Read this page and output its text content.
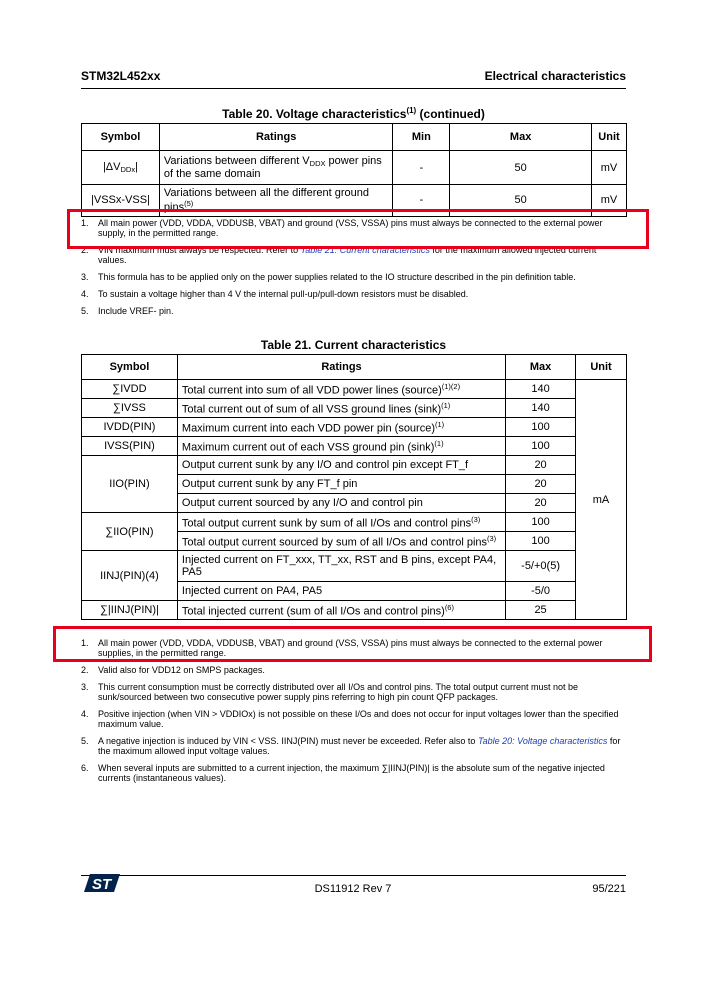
STM32L452xx	Electrical characteristics
Table 20. Voltage characteristics$^{(1)}$ (continued)
Symbol	Ratings	Min	Max	Unit
$|\Delta V_{DDx}|$	Variations between different $V_{DDX}$ power pins of the same domain	-	50	mV
|VSSx-VSS|	Variations between all the different ground pins$^{(5)}$	-	50	mV
1.	All main power (VDD, VDDA, VDDUSB, VBAT) and ground (VSS, VSSA) pins must always be connected to the external power supply, in the permitted range.
2.	VIN maximum must always be respected. Refer to Table 21: Current characteristics for the maximum allowed injected current values.
3.	This formula has to be applied only on the power supplies related to the IO structure described in the pin definition table.
4.	To sustain a voltage higher than 4 V the internal pull-up/pull-down resistors must be disabled.
5.	Include VREF- pin.
Table 21. Current characteristics
Symbol	Ratings	Max	Unit
∑IVDD	Total current into sum of all VDD power lines (source)$^{(1)(2)}$	140	mA
∑IVSS	Total current out of sum of all VSS ground lines $(\sin k)^{(1)}$	140	
IVDD(PIN)	Maximum current into each VDD power pin (source)$^{(1)}$	100	
IVSS(PIN)	Maximum current out of each VSS ground pin $(\sin k)^{(1)}$	100	
IIO(PIN)	Output current sunk by any I/O and control pin except FT_f	20	
	Output current sunk by any FT_f pin	20	
	Output current sourced by any I/O and control pin	20	
∑IIO(PIN)	Total output current sunk by sum of all I/Os and control pins$^{(3)}$	100	
	Total output current sourced by sum of all I/Os and control pins$^{(3)}$	100	
IINJ(PIN)(4)	Injected current on FT_xxx, TT_xx, RST and B pins, except PA4, PA5	-5/+0(5)	
	Injected current on PA4, PA5	-5/0	
∑|IINJ(PIN)|	Total injected current (sum of all I/Os and control pins)$^{(6)}$	25	
1.	All main power (VDD, VDDA, VDDUSB, VBAT) and ground (VSS, VSSA) pins must always be connected to the external power supplies, in the permitted range.
2.	Valid also for VDD12 on SMPS packages.
3.	This current consumption must be correctly distributed over all I/Os and control pins. The total output current must not be sunk/sourced between two consecutive power supply pins referring to high pin count QFP packages.
4.	Positive injection (when VIN > VDDIOx) is not possible on these I/Os and does not occur for input voltages lower than the specified maximum value.
5.	A negative injection is induced by VIN < VSS. IINJ(PIN) must never be exceeded. Refer also to Table 20: Voltage characteristics for the maximum allowed input voltage values.
6.	When several inputs are submitted to a current injection, the maximum ∑|IINJ(PIN)| is the absolute sum of the negative injected currents (instantaneous values).
ST	DS11912 Rev 7	95/221
